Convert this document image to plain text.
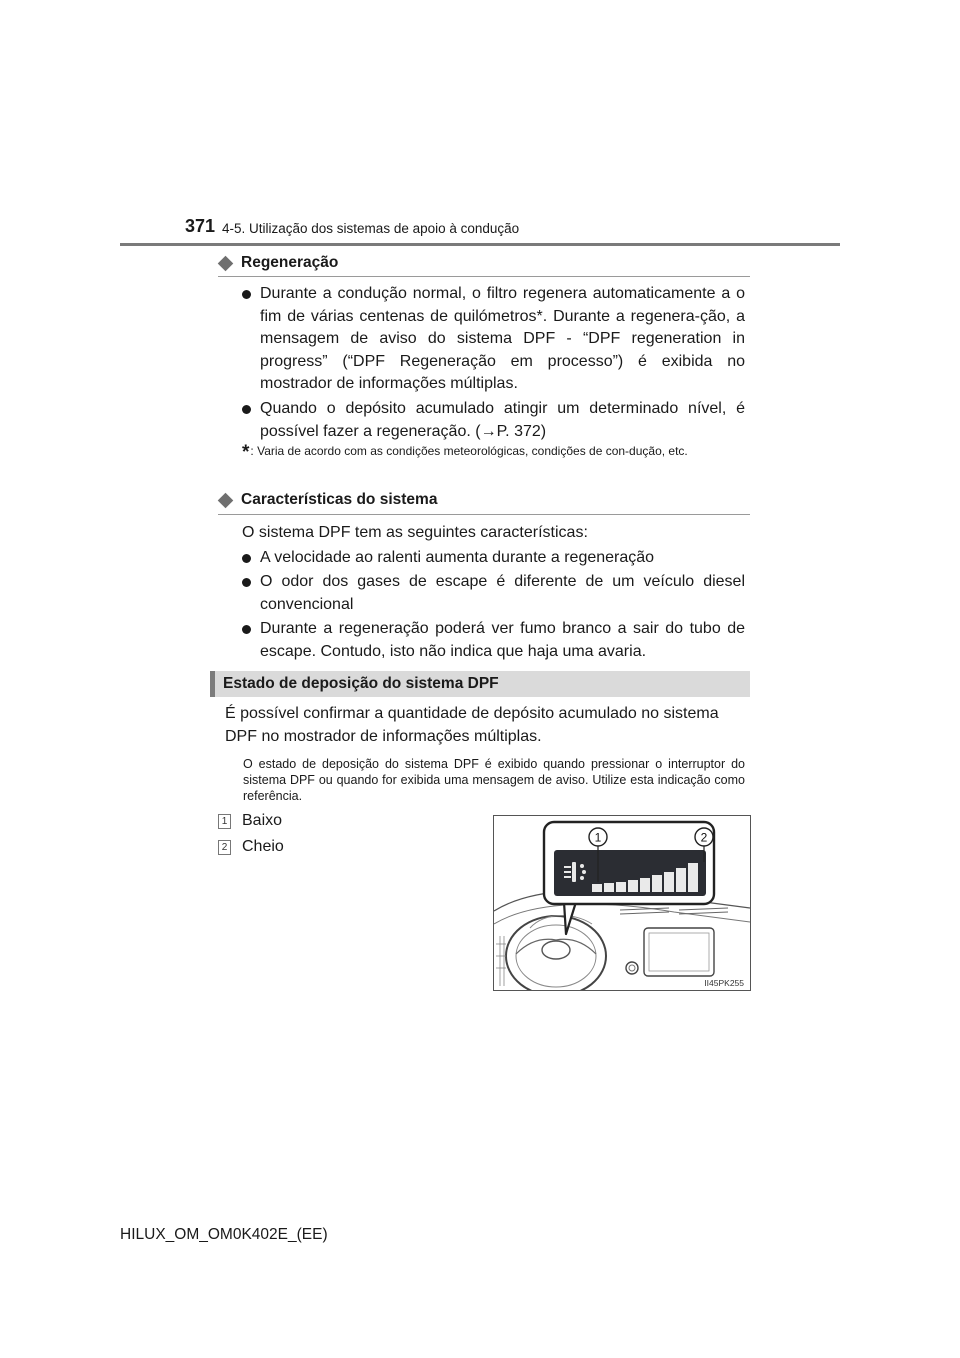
371 4-5. Utilização dos sistemas de apoio à condução
Regeneração

Durante a condução normal, o filtro regenera automaticamente a o fim de várias centenas de quilómetros*. Durante a regenera-ção, a mensagem de aviso do sistema DPF - “DPF regeneration in progress” (“DPF Regeneração em processo”) é exibida no mostrador de informações múltiplas.

Quando o depósito acumulado atingir um determinado nível, é possível fazer a regeneração. (→P. 372)

*: Varia de acordo com as condições meteorológicas, condições de con-dução, etc.
Características do sistema

O sistema DPF tem as seguintes características:

A velocidade ao ralenti aumenta durante a regeneração

O odor dos gases de escape é diferente de um veículo diesel convencional

Durante a regeneração poderá ver fumo branco a sair do tubo de escape. Contudo, isto não indica que haja uma avaria.

Estado de deposição do sistema DPF
É possível confirmar a quantidade de depósito acumulado no sistema DPF no mostrador de informações múltiplas.
O estado de deposição do sistema DPF é exibido quando pressionar o interruptor do sistema DPF ou quando for exibida uma mensagem de aviso. Utilize esta indicação como referência.
1 Baixo
2 Cheio
1	2
II45PK255
HILUX_OM_OM0K402E_(EE)
